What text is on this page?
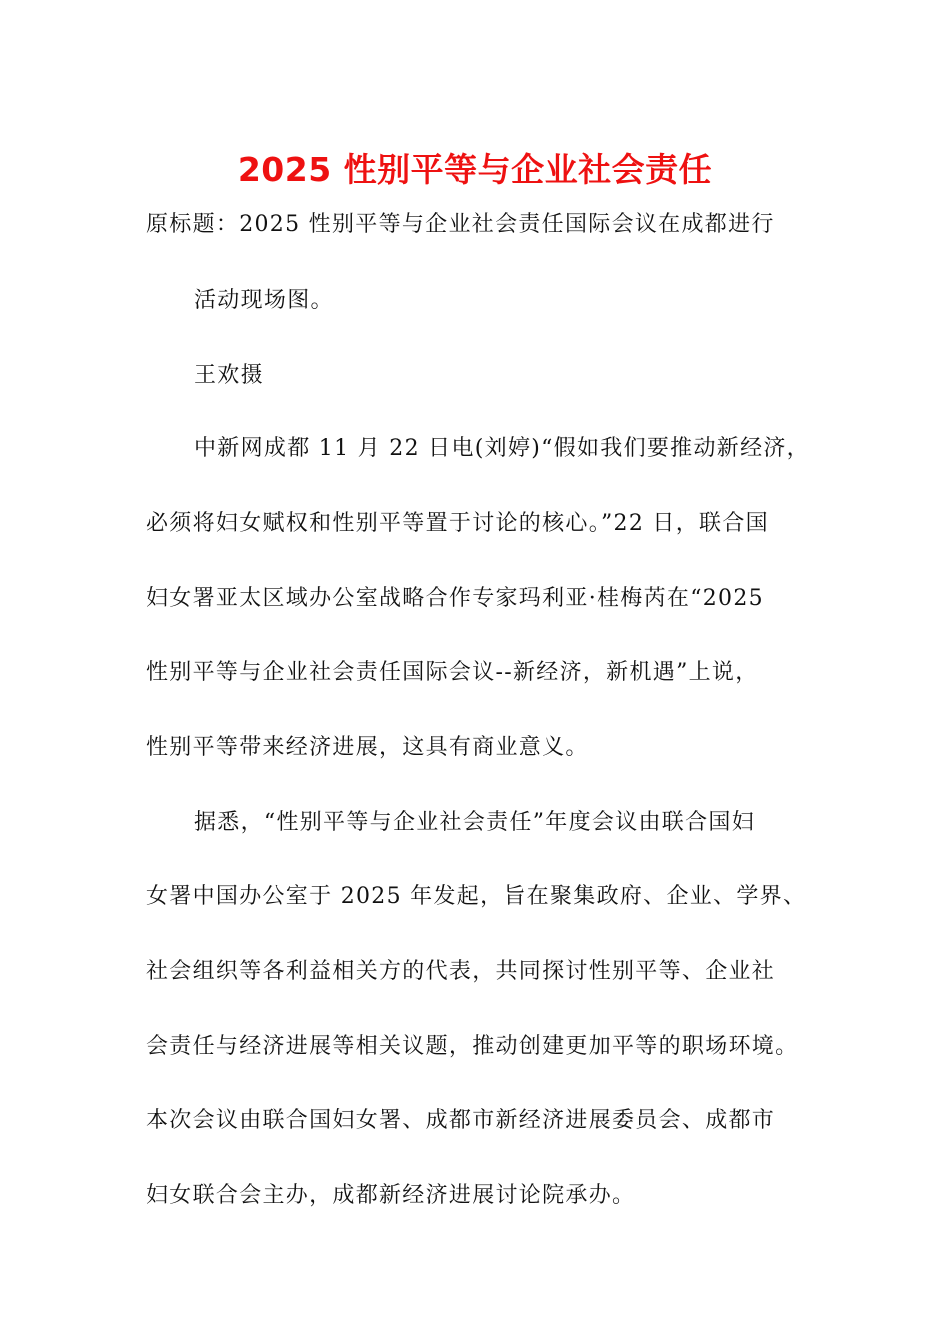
2025 性别平等与企业社会责任
原标题：2025 性别平等与企业社会责任国际会议在成都进行
活动现场图。
王欢摄
中新网成都 11 月 22 日电(刘婷)“假如我们要推动新经济，
必须将妇女赋权和性别平等置于讨论的核心。”22 日，联合国
妇女署亚太区域办公室战略合作专家玛利亚·桂梅芮在“2025
性别平等与企业社会责任国际会议--新经济，新机遇”上说，
性别平等带来经济进展，这具有商业意义。
据悉，“性别平等与企业社会责任”年度会议由联合国妇
女署中国办公室于 2025 年发起，旨在聚集政府、企业、学界、
社会组织等各利益相关方的代表，共同探讨性别平等、企业社
会责任与经济进展等相关议题，推动创建更加平等的职场环境。
本次会议由联合国妇女署、成都市新经济进展委员会、成都市
妇女联合会主办，成都新经济进展讨论院承办。
